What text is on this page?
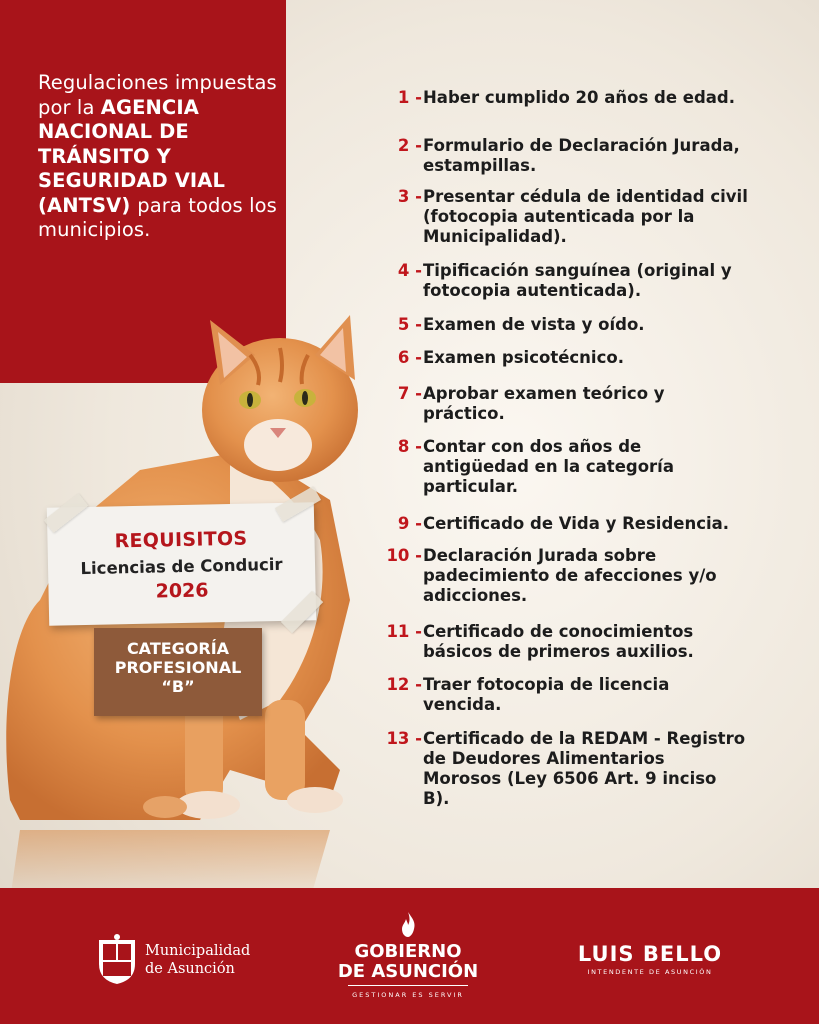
Regulaciones impuestas por la AGENCIA NACIONAL DE TRÁNSITO Y SEGURIDAD VIAL (ANTSV) para todos los municipios.
REQUISITOS
Licencias de Conducir
2026
CATEGORÍA
PROFESIONAL
“B”
1 - Haber cumplido 20 años de edad.
2 - Formulario de Declaración Jurada, estampillas.
3 - Presentar cédula de identidad civil (fotocopia autenticada por la Municipalidad).
4 - Tipificación sanguínea (original y fotocopia autenticada).
5 - Examen de vista y oído.
6 - Examen psicotécnico.
7 - Aprobar examen teórico y práctico.
8 - Contar con dos años de antigüedad en la categoría particular.
9 - Certificado de Vida y Residencia.
10 - Declaración Jurada sobre padecimiento de afecciones y/o adicciones.
11 - Certificado de conocimientos básicos de primeros auxilios.
12 - Traer fotocopia de licencia vencida.
13 - Certificado de la REDAM - Registro de Deudores Alimentarios Morosos (Ley 6506 Art. 9 inciso B).
Municipalidad
de Asunción
GOBIERNO
DE ASUNCIÓN
GESTIONAR ES SERVIR
LUIS BELLO
INTENDENTE DE ASUNCIÓN
